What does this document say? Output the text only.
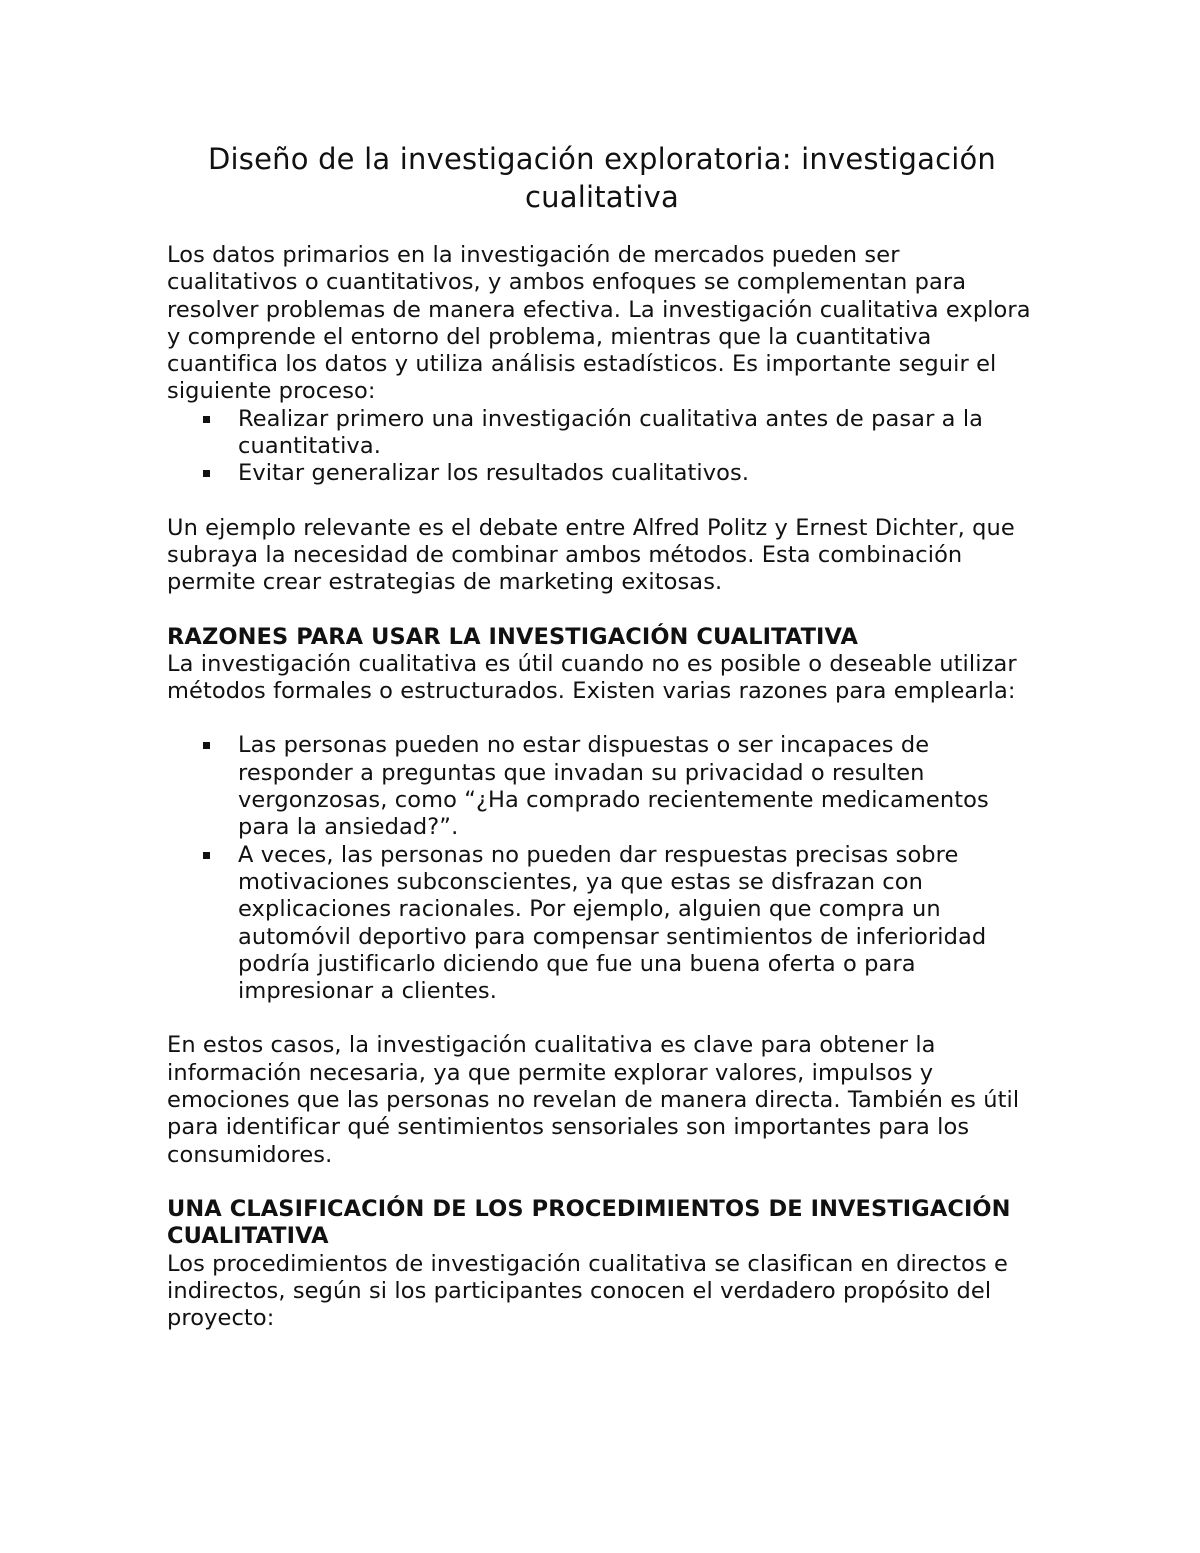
Diseño de la investigación exploratoria: investigación cualitativa

Los datos primarios en la investigación de mercados pueden ser cualitativos o cuantitativos, y ambos enfoques se complementan para resolver problemas de manera efectiva. La investigación cualitativa explora y comprende el entorno del problema, mientras que la cuantitativa cuantifica los datos y utiliza análisis estadísticos. Es importante seguir el siguiente proceso:

Realizar primero una investigación cualitativa antes de pasar a la cuantitativa.
Evitar generalizar los resultados cualitativos.

Un ejemplo relevante es el debate entre Alfred Politz y Ernest Dichter, que subraya la necesidad de combinar ambos métodos. Esta combinación permite crear estrategias de marketing exitosas.

RAZONES PARA USAR LA INVESTIGACIÓN CUALITATIVA

La investigación cualitativa es útil cuando no es posible o deseable utilizar métodos formales o estructurados. Existen varias razones para emplearla:

Las personas pueden no estar dispuestas o ser incapaces de responder a preguntas que invadan su privacidad o resulten vergonzosas, como “¿Ha comprado recientemente medicamentos para la ansiedad?”.
A veces, las personas no pueden dar respuestas precisas sobre motivaciones subconscientes, ya que estas se disfrazan con explicaciones racionales. Por ejemplo, alguien que compra un automóvil deportivo para compensar sentimientos de inferioridad podría justificarlo diciendo que fue una buena oferta o para impresionar a clientes.

En estos casos, la investigación cualitativa es clave para obtener la información necesaria, ya que permite explorar valores, impulsos y emociones que las personas no revelan de manera directa. También es útil para identificar qué sentimientos sensoriales son importantes para los consumidores.

UNA CLASIFICACIÓN DE LOS PROCEDIMIENTOS DE INVESTIGACIÓN CUALITATIVA

Los procedimientos de investigación cualitativa se clasifican en directos e indirectos, según si los participantes conocen el verdadero propósito del proyecto:
